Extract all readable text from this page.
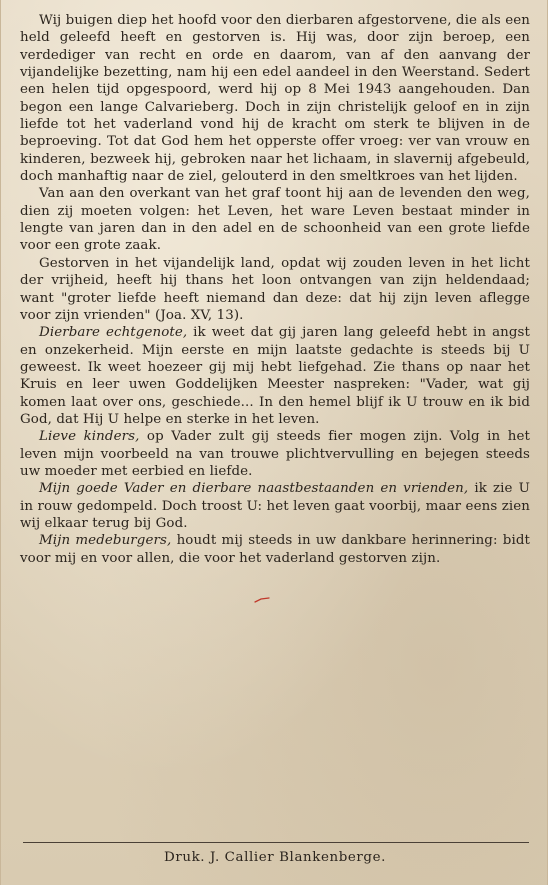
Wij buigen diep het hoofd voor den dierbaren afgestorvene, die als een held geleefd heeft en gestorven is. Hij was, door zijn beroep, een verdediger van recht en orde en daarom, van af den aanvang der vijandelijke bezetting, nam hij een edel aandeel in den Weerstand. Sedert een helen tijd opgespoord, werd hij op 8 Mei 1943 aangehouden. Dan begon een lange Calvarieberg. Doch in zijn christelijk geloof en in zijn liefde tot het vaderland vond hij de kracht om sterk te blijven in de beproeving. Tot dat God hem het opperste offer vroeg: ver van vrouw en kinderen, bezweek hij, gebroken naar het lichaam, in slavernij afgebeuld, doch manhaftig naar de ziel, gelouterd in den smeltkroes van het lijden.

Van aan den overkant van het graf toont hij aan de levenden den weg, dien zij moeten volgen: het Leven, het ware Leven bestaat minder in lengte van jaren dan in den adel en de schoonheid van een grote liefde voor een grote zaak.

Gestorven in het vijandelijk land, opdat wij zouden leven in het licht der vrijheid, heeft hij thans het loon ontvangen van zijn heldendaad; want "groter liefde heeft niemand dan deze: dat hij zijn leven aflegge voor zijn vrienden" (Joa. XV, 13).

Dierbare echtgenote, ik weet dat gij jaren lang geleefd hebt in angst en onzekerheid. Mijn eerste en mijn laatste gedachte is steeds bij U geweest. Ik weet hoezeer gij mij hebt liefgehad. Zie thans op naar het Kruis en leer uwen Goddelijken Meester naspreken: "Vader, wat gij komen laat over ons, geschiede... In den hemel blijf ik U trouw en ik bid God, dat Hij U helpe en sterke in het leven.

Lieve kinders, op Vader zult gij steeds fier mogen zijn. Volg in het leven mijn voorbeeld na van trouwe plichtvervulling en bejegen steeds uw moeder met eerbied en liefde.

Mijn goede Vader en dierbare naastbestaanden en vrienden, ik zie U in rouw gedompeld. Doch troost U: het leven gaat voorbij, maar eens zien wij elkaar terug bij God.

Mijn medeburgers, houdt mij steeds in uw dankbare herinnering: bidt voor mij en voor allen, die voor het vaderland gestorven zijn.

Druk. J. Callier Blankenberge.
